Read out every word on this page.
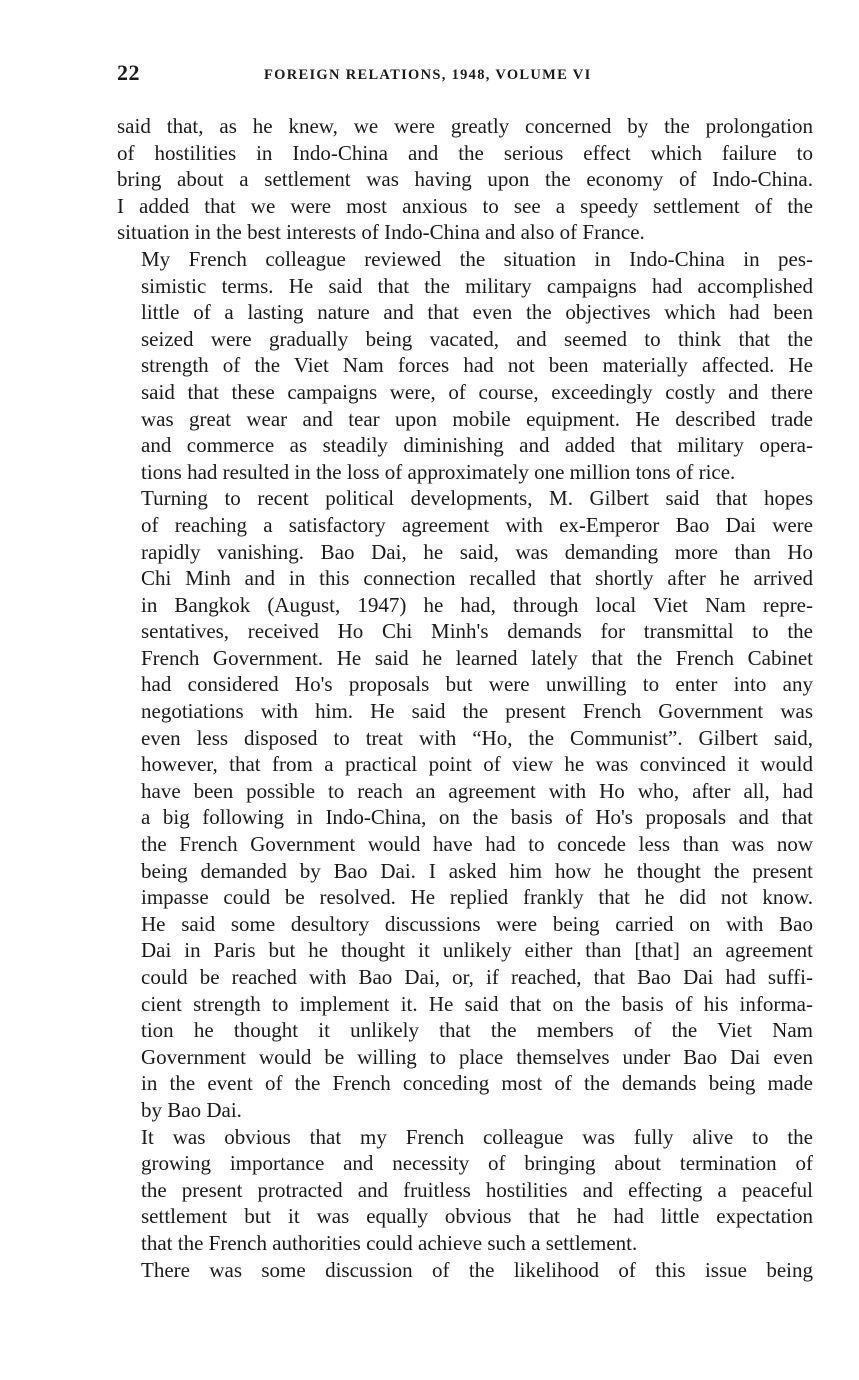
22	FOREIGN RELATIONS, 1948, VOLUME VI

said that, as he knew, we were greatly concerned by the prolongation
of hostilities in Indo-China and the serious effect which failure to
bring about a settlement was having upon the economy of Indo-China.
I added that we were most anxious to see a speedy settlement of the
situation in the best interests of Indo-China and also of France.

My French colleague reviewed the situation in Indo-China in pes-
simistic terms. He said that the military campaigns had accomplished
little of a lasting nature and that even the objectives which had been
seized were gradually being vacated, and seemed to think that the
strength of the Viet Nam forces had not been materially affected. He
said that these campaigns were, of course, exceedingly costly and there
was great wear and tear upon mobile equipment. He described trade
and commerce as steadily diminishing and added that military opera-
tions had resulted in the loss of approximately one million tons of rice.

Turning to recent political developments, M. Gilbert said that hopes
of reaching a satisfactory agreement with ex-Emperor Bao Dai were
rapidly vanishing. Bao Dai, he said, was demanding more than Ho
Chi Minh and in this connection recalled that shortly after he arrived
in Bangkok (August, 1947) he had, through local Viet Nam repre-
sentatives, received Ho Chi Minh's demands for transmittal to the
French Government. He said he learned lately that the French Cabinet
had considered Ho's proposals but were unwilling to enter into any
negotiations with him. He said the present French Government was
even less disposed to treat with “Ho, the Communist”. Gilbert said,
however, that from a practical point of view he was convinced it would
have been possible to reach an agreement with Ho who, after all, had
a big following in Indo-China, on the basis of Ho's proposals and that
the French Government would have had to concede less than was now
being demanded by Bao Dai. I asked him how he thought the present
impasse could be resolved. He replied frankly that he did not know.
He said some desultory discussions were being carried on with Bao
Dai in Paris but he thought it unlikely either than [that] an agreement
could be reached with Bao Dai, or, if reached, that Bao Dai had suffi-
cient strength to implement it. He said that on the basis of his informa-
tion he thought it unlikely that the members of the Viet Nam
Government would be willing to place themselves under Bao Dai even
in the event of the French conceding most of the demands being made
by Bao Dai.

It was obvious that my French colleague was fully alive to the
growing importance and necessity of bringing about termination of
the present protracted and fruitless hostilities and effecting a peaceful
settlement but it was equally obvious that he had little expectation
that the French authorities could achieve such a settlement.

There was some discussion of the likelihood of this issue being
